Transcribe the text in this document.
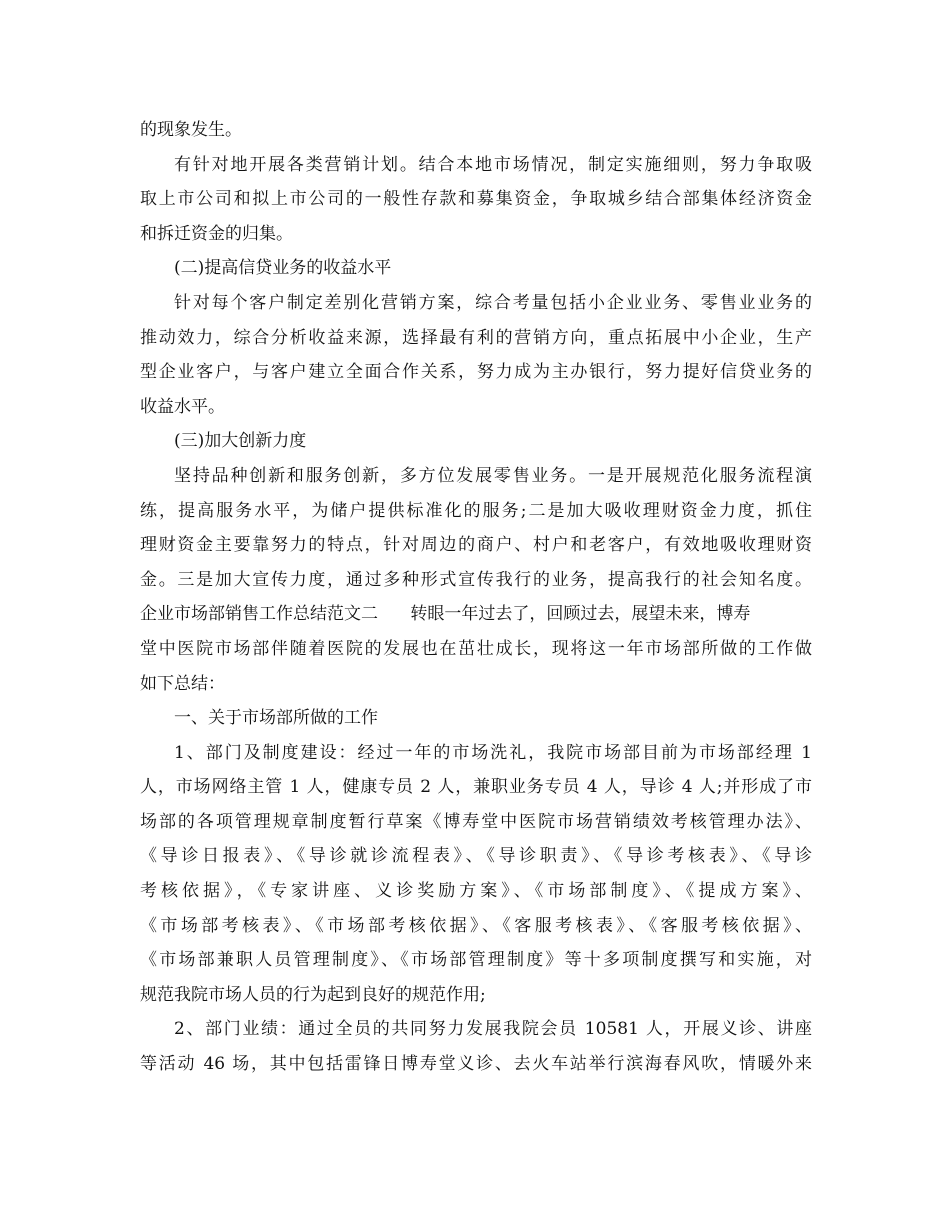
的现象发生。
有针对地开展各类营销计划。结合本地市场情况，制定实施细则，努力争取吸
取上市公司和拟上市公司的一般性存款和募集资金，争取城乡结合部集体经济资金
和拆迁资金的归集。
(二)提高信贷业务的收益水平
针对每个客户制定差别化营销方案，综合考量包括小企业业务、零售业业务的
推动效力，综合分析收益来源，选择最有利的营销方向，重点拓展中小企业，生产
型企业客户，与客户建立全面合作关系，努力成为主办银行，努力提好信贷业务的
收益水平。
(三)加大创新力度
坚持品种创新和服务创新，多方位发展零售业务。一是开展规范化服务流程演
练，提高服务水平，为储户提供标准化的服务;二是加大吸收理财资金力度，抓住
理财资金主要靠努力的特点，针对周边的商户、村户和老客户，有效地吸收理财资
金。三是加大宣传力度，通过多种形式宣传我行的业务，提高我行的社会知名度。
企业市场部销售工作总结范文二      转眼一年过去了，回顾过去，展望未来，博寿
堂中医院市场部伴随着医院的发展也在茁壮成长，现将这一年市场部所做的工作做
如下总结：
一、关于市场部所做的工作
1、部门及制度建设：经过一年的市场洗礼，我院市场部目前为市场部经理 1
人，市场网络主管 1 人，健康专员 2 人，兼职业务专员 4 人，导诊 4 人;并形成了市
场部的各项管理规章制度暂行草案《博寿堂中医院市场营销绩效考核管理办法》、
《导诊日报表》、《导诊就诊流程表》、《导诊职责》、《导诊考核表》、《导诊
考核依据》，《专家讲座、义诊奖励方案》、《市场部制度》、《提成方案》、
《市场部考核表》、《市场部考核依据》、《客服考核表》、《客服考核依据》、
《市场部兼职人员管理制度》、《市场部管理制度》等十多项制度撰写和实施，对
规范我院市场人员的行为起到良好的规范作用;
2、部门业绩：通过全员的共同努力发展我院会员 10581 人，开展义诊、讲座
等活动 46 场，其中包括雷锋日博寿堂义诊、去火车站举行滨海春风吹，情暖外来
